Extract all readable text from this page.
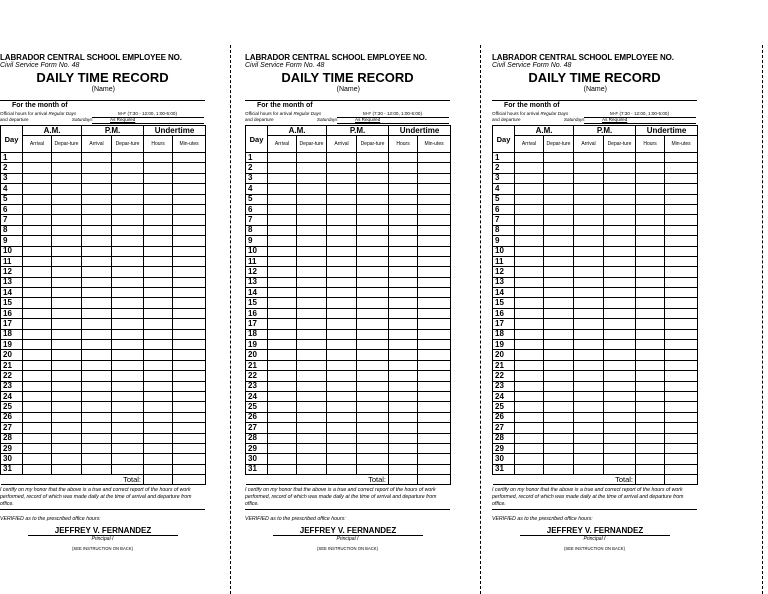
LABRADOR CENTRAL SCHOOL EMPLOYEE NO.
Civil Service Form No. 48
DAILY TIME RECORD
(Name)
For the month of
Official hours for arrival Regular Days
and departure	Saturdays
M-F (7:30 - 12:00, 1:00-5:00)
As Required
Day	A.M.		P.M.		Undertime	
	Arrival	Depar-ture	Arrival	Depar-ture	Hours	Min-utes
1						
2						
3						
4						
5						
6						
7						
8						
9						
10						
11						
12						
13						
14						
15						
16						
17						
18						
19						
20						
21						
22						
23						
24						
25						
26						
27						
28						
29						
30						
31						
Total:						
I certify on my honor that the above is a true and correct report of the hours of work performed, record of which was made daily at the time of arrival and departure from office.
VERIFIED as to the prescribed office hours:
JEFFREY V. FERNANDEZ
Principal I
(SEE INSTRUCTION ON BACK)
LABRADOR CENTRAL SCHOOL EMPLOYEE NO.
Civil Service Form No. 48
DAILY TIME RECORD
(Name)
For the month of
Official hours for arrival Regular Days
and departure	Saturdays
M-F (7:30 - 12:00, 1:00-5:00)
As Required
Day	A.M.		P.M.		Undertime	
	Arrival	Depar-ture	Arrival	Depar-ture	Hours	Min-utes
1						
2						
3						
4						
5						
6						
7						
8						
9						
10						
11						
12						
13						
14						
15						
16						
17						
18						
19						
20						
21						
22						
23						
24						
25						
26						
27						
28						
29						
30						
31						
Total:						
I certify on my honor that the above is a true and correct report of the hours of work performed, record of which was made daily at the time of arrival and departure from office.
VERIFIED as to the prescribed office hours:
JEFFREY V. FERNANDEZ
Principal I
(SEE INSTRUCTION ON BACK)
LABRADOR CENTRAL SCHOOL EMPLOYEE NO.
Civil Service Form No. 48
DAILY TIME RECORD
(Name)
For the month of
Official hours for arrival Regular Days
and departure	Saturdays
M-F (7:30 - 12:00, 1:00-5:00)
As Required
Day	A.M.		P.M.		Undertime	
	Arrival	Depar-ture	Arrival	Depar-ture	Hours	Min-utes
1						
2						
3						
4						
5						
6						
7						
8						
9						
10						
11						
12						
13						
14						
15						
16						
17						
18						
19						
20						
21						
22						
23						
24						
25						
26						
27						
28						
29						
30						
31						
Total:						
I certify on my honor that the above is a true and correct report of the hours of work performed, record of which was made daily at the time of arrival and departure from office.
VERIFIED as to the prescribed office hours:
JEFFREY V. FERNANDEZ
Principal I
(SEE INSTRUCTION ON BACK)
